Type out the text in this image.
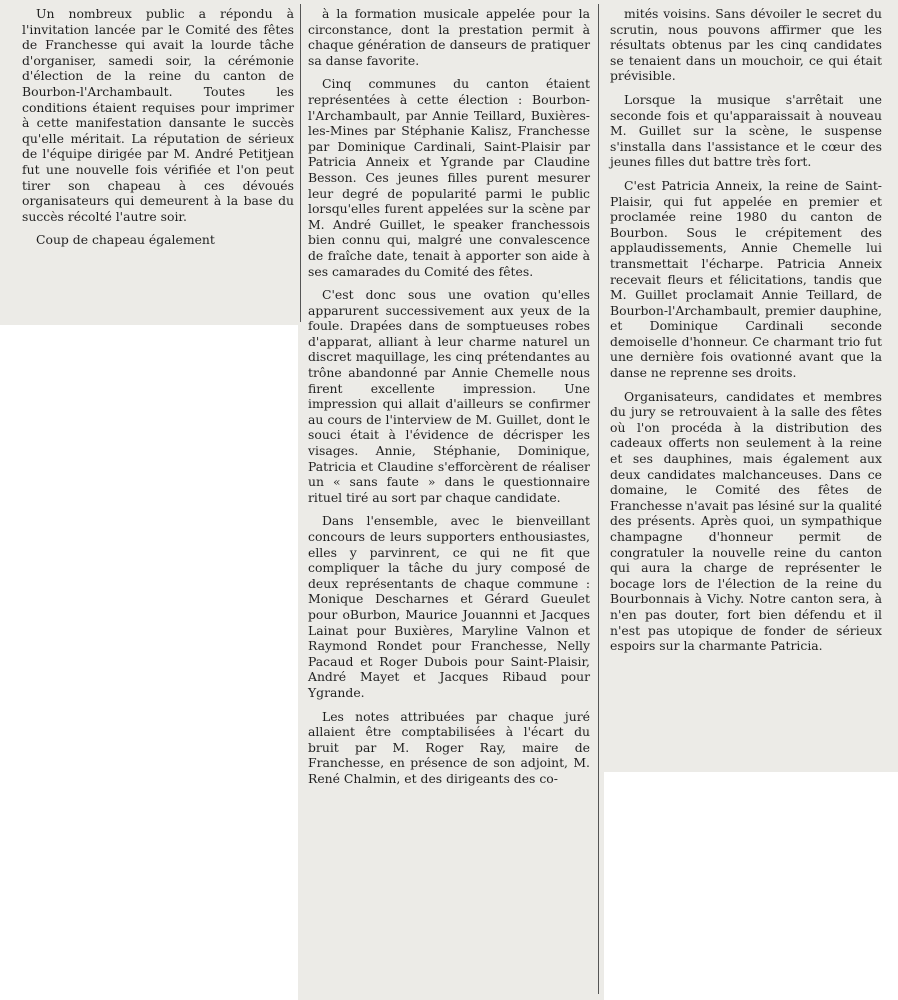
Un nombreux public a répondu à l'invitation lancée par le Comité des fêtes de Franchesse qui avait la lourde tâche d'organiser, samedi soir, la cérémonie d'élection de la reine du canton de Bourbon-l'Archambault. Toutes les conditions étaient requises pour imprimer à cette manifestation dansante le succès qu'elle méritait. La réputation de sérieux de l'équipe dirigée par M. André Petitjean fut une nouvelle fois vérifiée et l'on peut tirer son chapeau à ces dévoués organisateurs qui demeurent à la base du succès récolté l'autre soir.

Coup de chapeau également

à la formation musicale appelée pour la circonstance, dont la prestation permit à chaque génération de danseurs de pratiquer sa danse favorite.

Cinq communes du canton étaient représentées à cette élection : Bourbon-l'Archambault, par Annie Teillard, Buxières-les-Mines par Stéphanie Kalisz, Franchesse par Dominique Cardinali, Saint-Plaisir par Patricia Anneix et Ygrande par Claudine Besson. Ces jeunes filles purent mesurer leur degré de popularité parmi le public lorsqu'elles furent appelées sur la scène par M. André Guillet, le speaker franchessois bien connu qui, malgré une convalescence de fraîche date, tenait à apporter son aide à ses camarades du Comité des fêtes.

C'est donc sous une ovation qu'elles apparurent successivement aux yeux de la foule. Drapées dans de somptueuses robes d'apparat, alliant à leur charme naturel un discret maquillage, les cinq prétendantes au trône abandonné par Annie Chemelle nous firent excellente impression. Une impression qui allait d'ailleurs se confirmer au cours de l'interview de M. Guillet, dont le souci était à l'évidence de décrisper les visages. Annie, Stéphanie, Dominique, Patricia et Claudine s'efforcèrent de réaliser un « sans faute » dans le questionnaire rituel tiré au sort par chaque candidate.

Dans l'ensemble, avec le bienveillant concours de leurs supporters enthousiastes, elles y parvinrent, ce qui ne fit que compliquer la tâche du jury composé de deux représentants de chaque commune : Monique Descharnes et Gérard Gueulet pour oBurbon, Maurice Jouannni et Jacques Lainat pour Buxières, Maryline Valnon et Raymond Rondet pour Franchesse, Nelly Pacaud et Roger Dubois pour Saint-Plaisir, André Mayet et Jacques Ribaud pour Ygrande.

Les notes attribuées par chaque juré allaient être comptabilisées à l'écart du bruit par M. Roger Ray, maire de Franchesse, en présence de son adjoint, M. René Chalmin, et des dirigeants des co-

mités voisins. Sans dévoiler le secret du scrutin, nous pouvons affirmer que les résultats obtenus par les cinq candidates se tenaient dans un mouchoir, ce qui était prévisible.

Lorsque la musique s'arrêtait une seconde fois et qu'apparaissait à nouveau M. Guillet sur la scène, le suspense s'installa dans l'assistance et le cœur des jeunes filles dut battre très fort.

C'est Patricia Anneix, la reine de Saint-Plaisir, qui fut appelée en premier et proclamée reine 1980 du canton de Bourbon. Sous le crépitement des applaudissements, Annie Chemelle lui transmettait l'écharpe. Patricia Anneix recevait fleurs et félicitations, tandis que M. Guillet proclamait Annie Teillard, de Bourbon-l'Archambault, premier dauphine, et Dominique Cardinali seconde demoiselle d'honneur. Ce charmant trio fut une dernière fois ovationné avant que la danse ne reprenne ses droits.

Organisateurs, candidates et membres du jury se retrouvaient à la salle des fêtes où l'on procéda à la distribution des cadeaux offerts non seulement à la reine et ses dauphines, mais également aux deux candidates malchanceuses. Dans ce domaine, le Comité des fêtes de Franchesse n'avait pas lésiné sur la qualité des présents. Après quoi, un sympathique champagne d'honneur permit de congratuler la nouvelle reine du canton qui aura la charge de représenter le bocage lors de l'élection de la reine du Bourbonnais à Vichy. Notre canton sera, à n'en pas douter, fort bien défendu et il n'est pas utopique de fonder de sérieux espoirs sur la charmante Patricia.
